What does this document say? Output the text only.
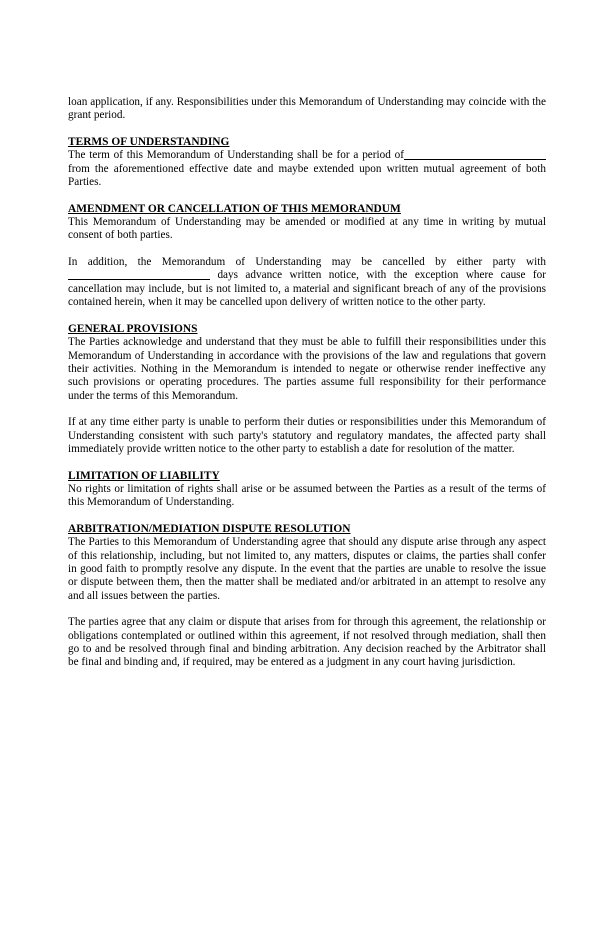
loan application, if any. Responsibilities under this Memorandum of Understanding may coincide with the grant period.

TERMS OF UNDERSTANDING

The term of this Memorandum of Understanding shall be for a period of from the aforementioned effective date and maybe extended upon written mutual agreement of both Parties.

AMENDMENT OR CANCELLATION OF THIS MEMORANDUM

This Memorandum of Understanding may be amended or modified at any time in writing by mutual consent of both parties.

In addition, the Memorandum of Understanding may be cancelled by either party with days advance written notice, with the exception where cause for cancellation may include, but is not limited to, a material and significant breach of any of the provisions contained herein, when it may be cancelled upon delivery of written notice to the other party.

GENERAL PROVISIONS

The Parties acknowledge and understand that they must be able to fulfill their responsibilities under this Memorandum of Understanding in accordance with the provisions of the law and regulations that govern their activities. Nothing in the Memorandum is intended to negate or otherwise render ineffective any such provisions or operating procedures. The parties assume full responsibility for their performance under the terms of this Memorandum.

If at any time either party is unable to perform their duties or responsibilities under this Memorandum of Understanding consistent with such party's statutory and regulatory mandates, the affected party shall immediately provide written notice to the other party to establish a date for resolution of the matter.

LIMITATION OF LIABILITY

No rights or limitation of rights shall arise or be assumed between the Parties as a result of the terms of this Memorandum of Understanding.

ARBITRATION/MEDIATION DISPUTE RESOLUTION

The Parties to this Memorandum of Understanding agree that should any dispute arise through any aspect of this relationship, including, but not limited to, any matters, disputes or claims, the parties shall confer in good faith to promptly resolve any dispute. In the event that the parties are unable to resolve the issue or dispute between them, then the matter shall be mediated and/or arbitrated in an attempt to resolve any and all issues between the parties.

The parties agree that any claim or dispute that arises from for through this agreement, the relationship or obligations contemplated or outlined within this agreement, if not resolved through mediation, shall then go to and be resolved through final and binding arbitration. Any decision reached by the Arbitrator shall be final and binding and, if required, may be entered as a judgment in any court having jurisdiction.
